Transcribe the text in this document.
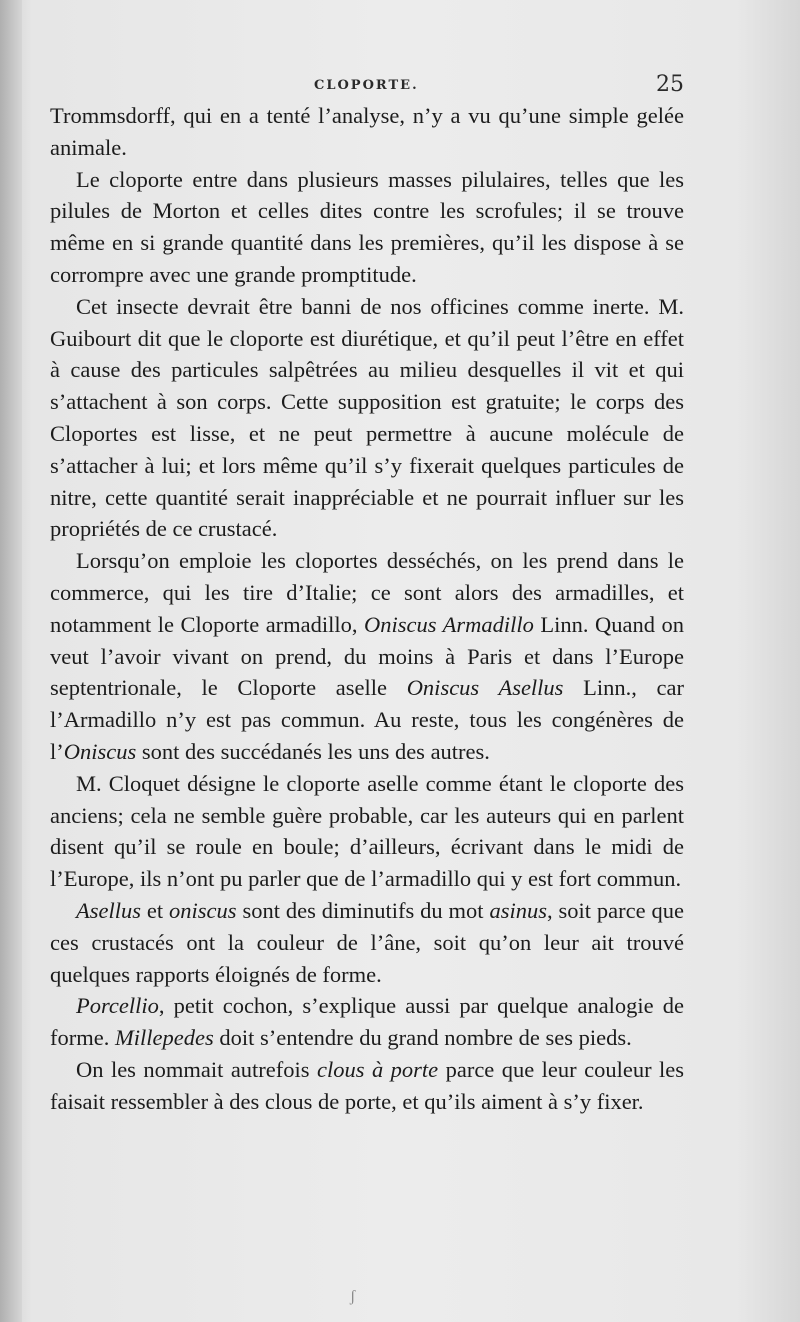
CLOPORTE.	25

Trommsdorff, qui en a tenté l’analyse, n’y a vu qu’une simple gelée animale.

Le cloporte entre dans plusieurs masses pilulaires, telles que les pilules de Morton et celles dites contre les scrofules; il se trouve même en si grande quantité dans les premières, qu’il les dispose à se corrompre avec une grande promptitude.

Cet insecte devrait être banni de nos officines comme inerte. M. Guibourt dit que le cloporte est diurétique, et qu’il peut l’être en effet à cause des particules salpêtrées au milieu desquelles il vit et qui s’attachent à son corps. Cette supposition est gratuite; le corps des Cloportes est lisse, et ne peut permettre à aucune molécule de s’attacher à lui; et lors même qu’il s’y fixerait quelques particules de nitre, cette quantité serait inappréciable et ne pourrait influer sur les propriétés de ce crustacé.

Lorsqu’on emploie les cloportes desséchés, on les prend dans le commerce, qui les tire d’Italie; ce sont alors des armadilles, et notamment le Cloporte armadillo, Oniscus Armadillo Linn. Quand on veut l’avoir vivant on prend, du moins à Paris et dans l’Europe septentrionale, le Cloporte aselle Oniscus Asellus Linn., car l’Armadillo n’y est pas commun. Au reste, tous les congénères de l’Oniscus sont des succédanés les uns des autres.

M. Cloquet désigne le cloporte aselle comme étant le cloporte des anciens; cela ne semble guère probable, car les auteurs qui en parlent disent qu’il se roule en boule; d’ailleurs, écrivant dans le midi de l’Europe, ils n’ont pu parler que de l’armadillo qui y est fort commun.

Asellus et oniscus sont des diminutifs du mot asinus, soit parce que ces crustacés ont la couleur de l’âne, soit qu’on leur ait trouvé quelques rapports éloignés de forme.

Porcellio, petit cochon, s’explique aussi par quelque analogie de forme. Millepedes doit s’entendre du grand nombre de ses pieds.

On les nommait autrefois clous à porte parce que leur couleur les faisait ressembler à des clous de porte, et qu’ils aiment à s’y fixer.

ʃ
